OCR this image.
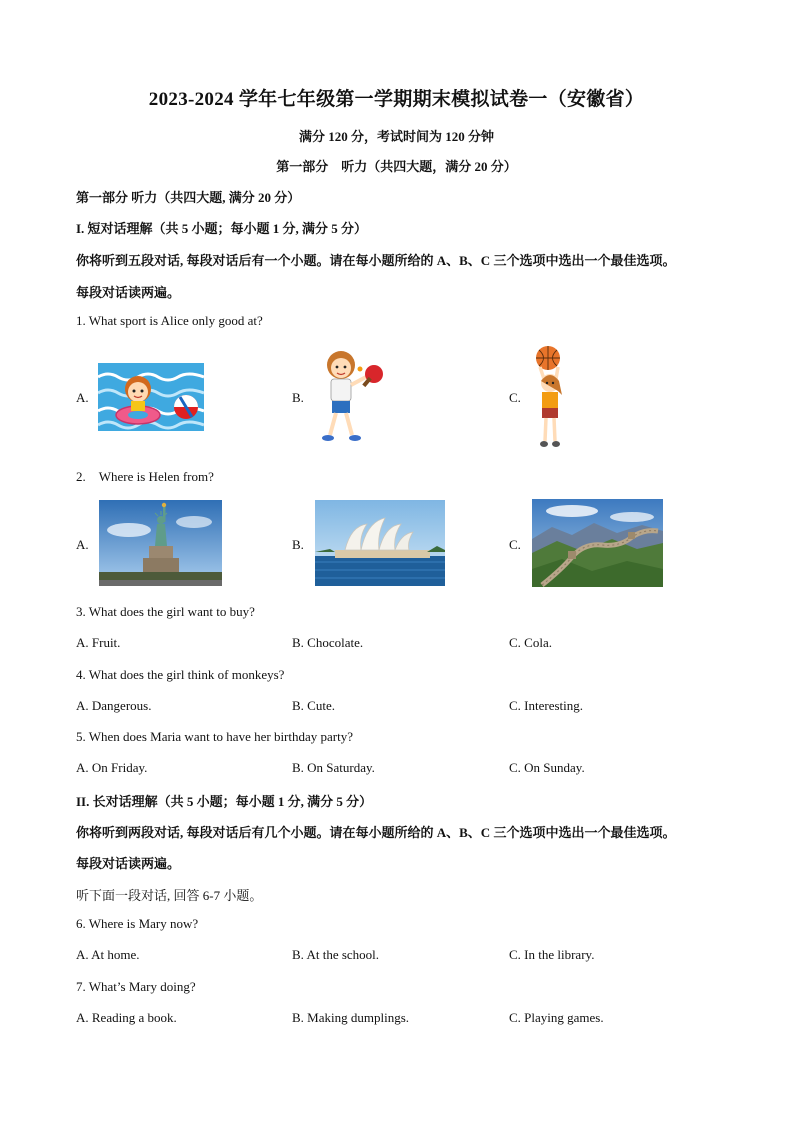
2023-2024 学年七年级第一学期期末模拟试卷一（安徽省）
满分 120 分，考试时间为 120 分钟
第一部分　听力（共四大题，满分 20 分）
第一部分 听力（共四大题, 满分 20 分）
I. 短对话理解（共 5 小题；每小题 1 分, 满分 5 分）
你将听到五段对话, 每段对话后有一个小题。请在每小题所给的 A、B、C 三个选项中选出一个最佳选项。
每段对话读两遍。
1. What sport is Alice only good at?
A.	B.	C.
2.    Where is Helen from?
A.	B.	C.
3. What does the girl want to buy?
A. Fruit.	B. Chocolate.	C. Cola.
4. What does the girl think of monkeys?
A. Dangerous.	B. Cute.	C. Interesting.
5. When does Maria want to have her birthday party?
A. On Friday.	B. On Saturday.	C. On Sunday.
II. 长对话理解（共 5 小题；每小题 1 分, 满分 5 分）
你将听到两段对话, 每段对话后有几个小题。请在每小题所给的 A、B、C 三个选项中选出一个最佳选项。
每段对话读两遍。
听下面一段对话, 回答 6-7 小题。
6. Where is Mary now?
A. At home.	B. At the school.	C. In the library.
7. What’s Mary doing?
A. Reading a book.	B. Making dumplings.	C. Playing games.
